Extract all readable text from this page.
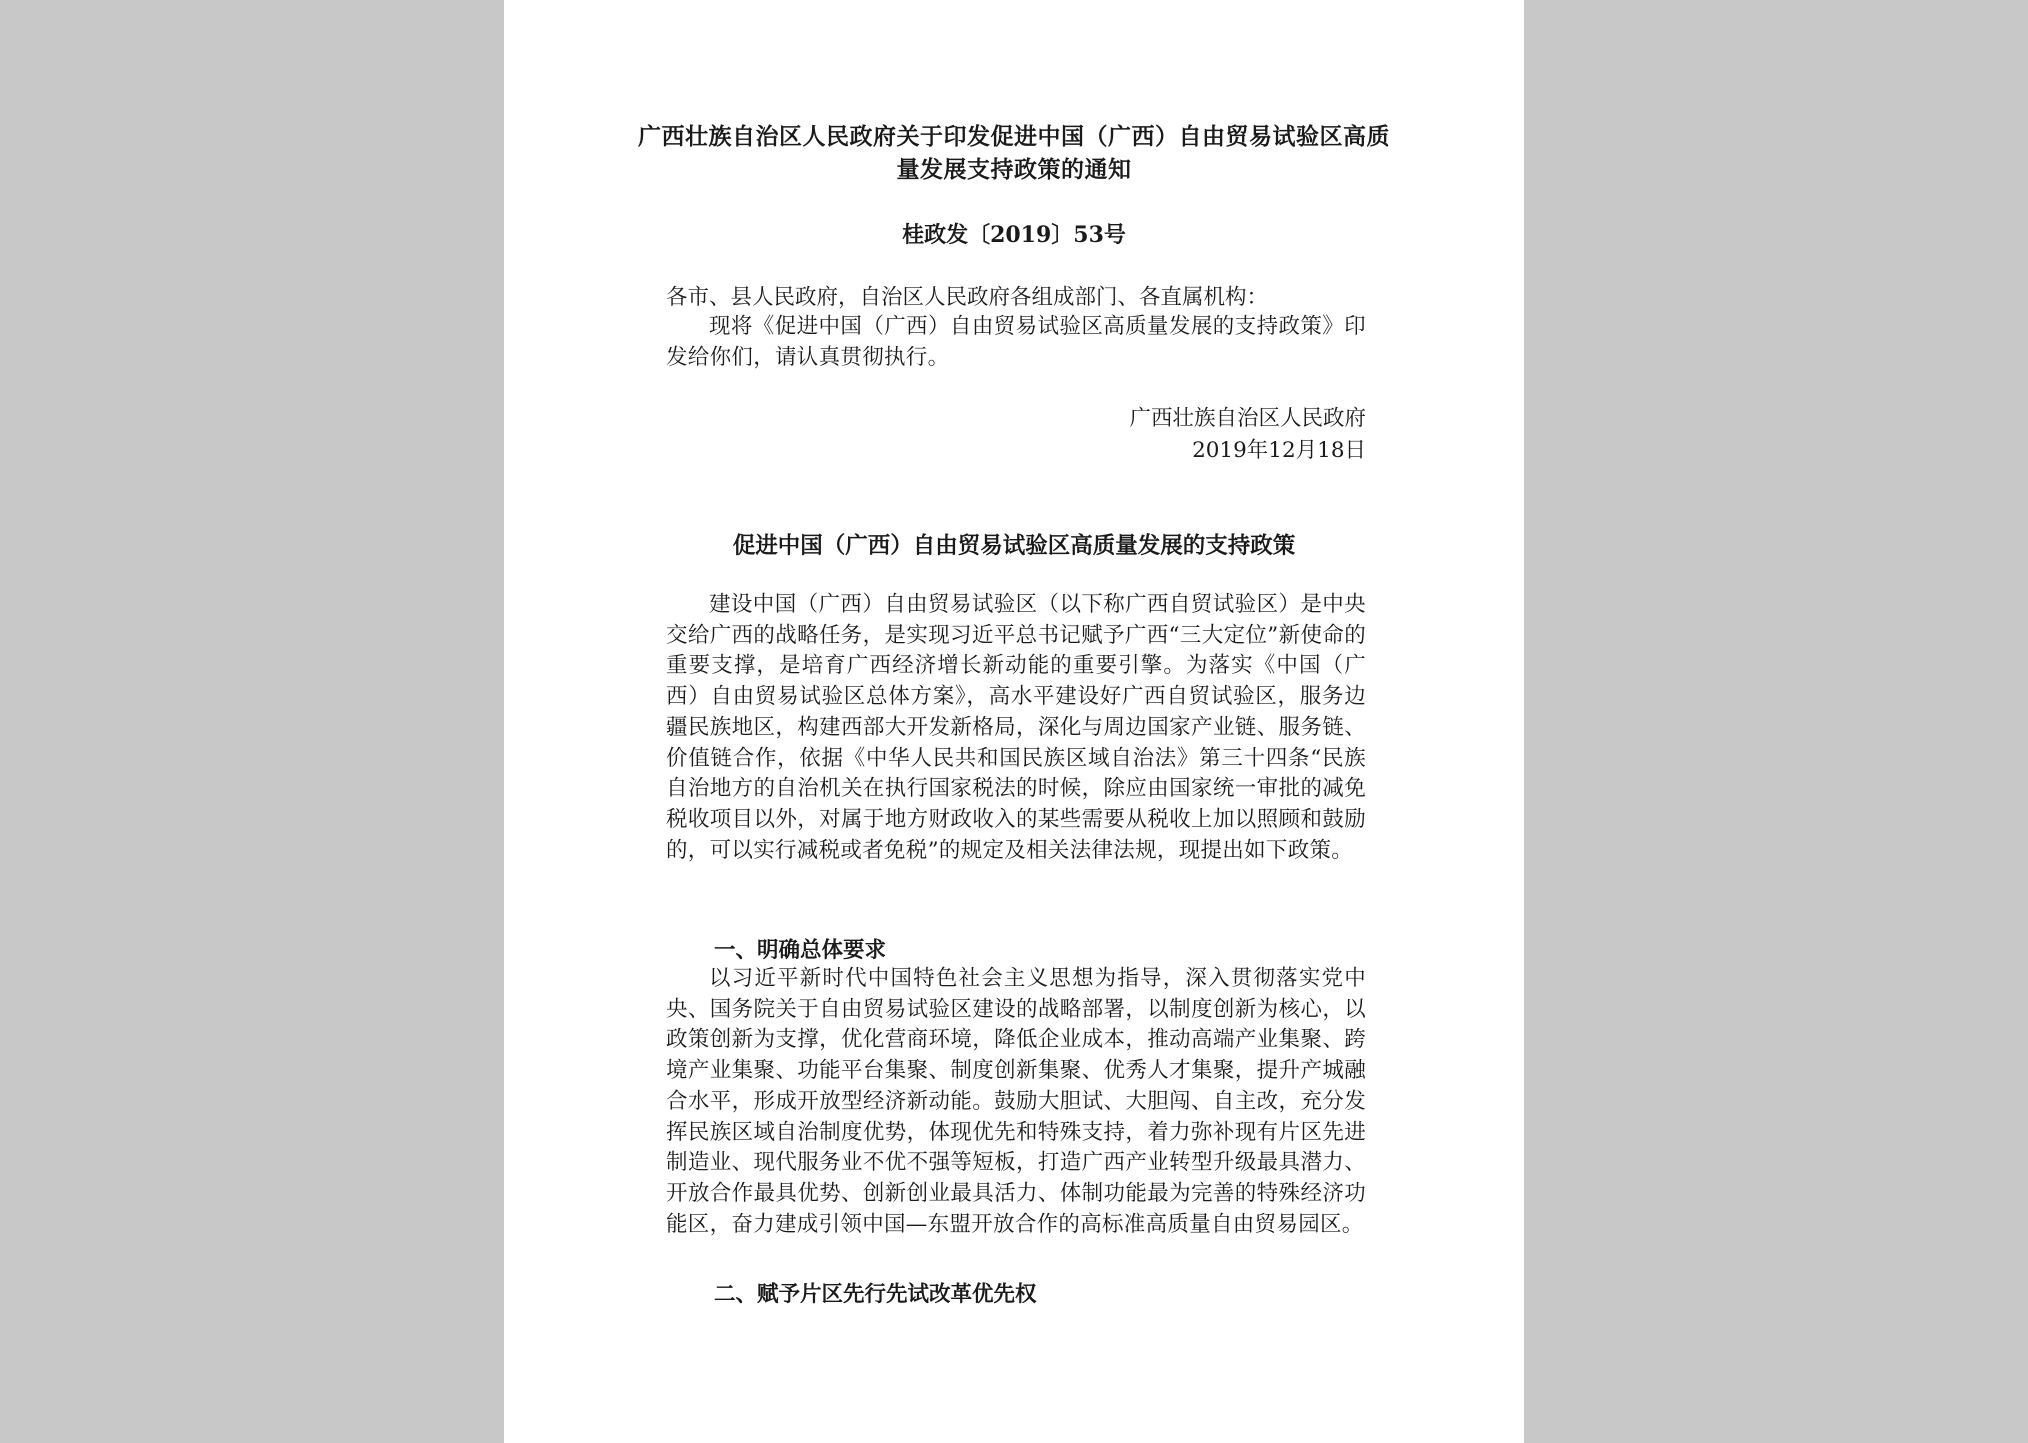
广西壮族自治区人民政府关于印发促进中国（广西）自由贸易试验区高质量发展支持政策的通知
桂政发〔2019〕53号
各市、县人民政府，自治区人民政府各组成部门、各直属机构：
现将《促进中国（广西）自由贸易试验区高质量发展的支持政策》印发给你们，请认真贯彻执行。
广西壮族自治区人民政府
2019年12月18日
促进中国（广西）自由贸易试验区高质量发展的支持政策
建设中国（广西）自由贸易试验区（以下称广西自贸试验区）是中央交给广西的战略任务，是实现习近平总书记赋予广西“三大定位”新使命的重要支撑，是培育广西经济增长新动能的重要引擎。为落实《中国（广西）自由贸易试验区总体方案》，高水平建设好广西自贸试验区，服务边疆民族地区，构建西部大开发新格局，深化与周边国家产业链、服务链、价值链合作，依据《中华人民共和国民族区域自治法》第三十四条“民族自治地方的自治机关在执行国家税法的时候，除应由国家统一审批的减免税收项目以外，对属于地方财政收入的某些需要从税收上加以照顾和鼓励的，可以实行减税或者免税”的规定及相关法律法规，现提出如下政策。
一、明确总体要求
以习近平新时代中国特色社会主义思想为指导，深入贯彻落实党中央、国务院关于自由贸易试验区建设的战略部署，以制度创新为核心，以政策创新为支撑，优化营商环境，降低企业成本，推动高端产业集聚、跨境产业集聚、功能平台集聚、制度创新集聚、优秀人才集聚，提升产城融合水平，形成开放型经济新动能。鼓励大胆试、大胆闯、自主改，充分发挥民族区域自治制度优势，体现优先和特殊支持，着力弥补现有片区先进制造业、现代服务业不优不强等短板，打造广西产业转型升级最具潜力、开放合作最具优势、创新创业最具活力、体制功能最为完善的特殊经济功能区，奋力建成引领中国—东盟开放合作的高标准高质量自由贸易园区。
二、赋予片区先行先试改革优先权
